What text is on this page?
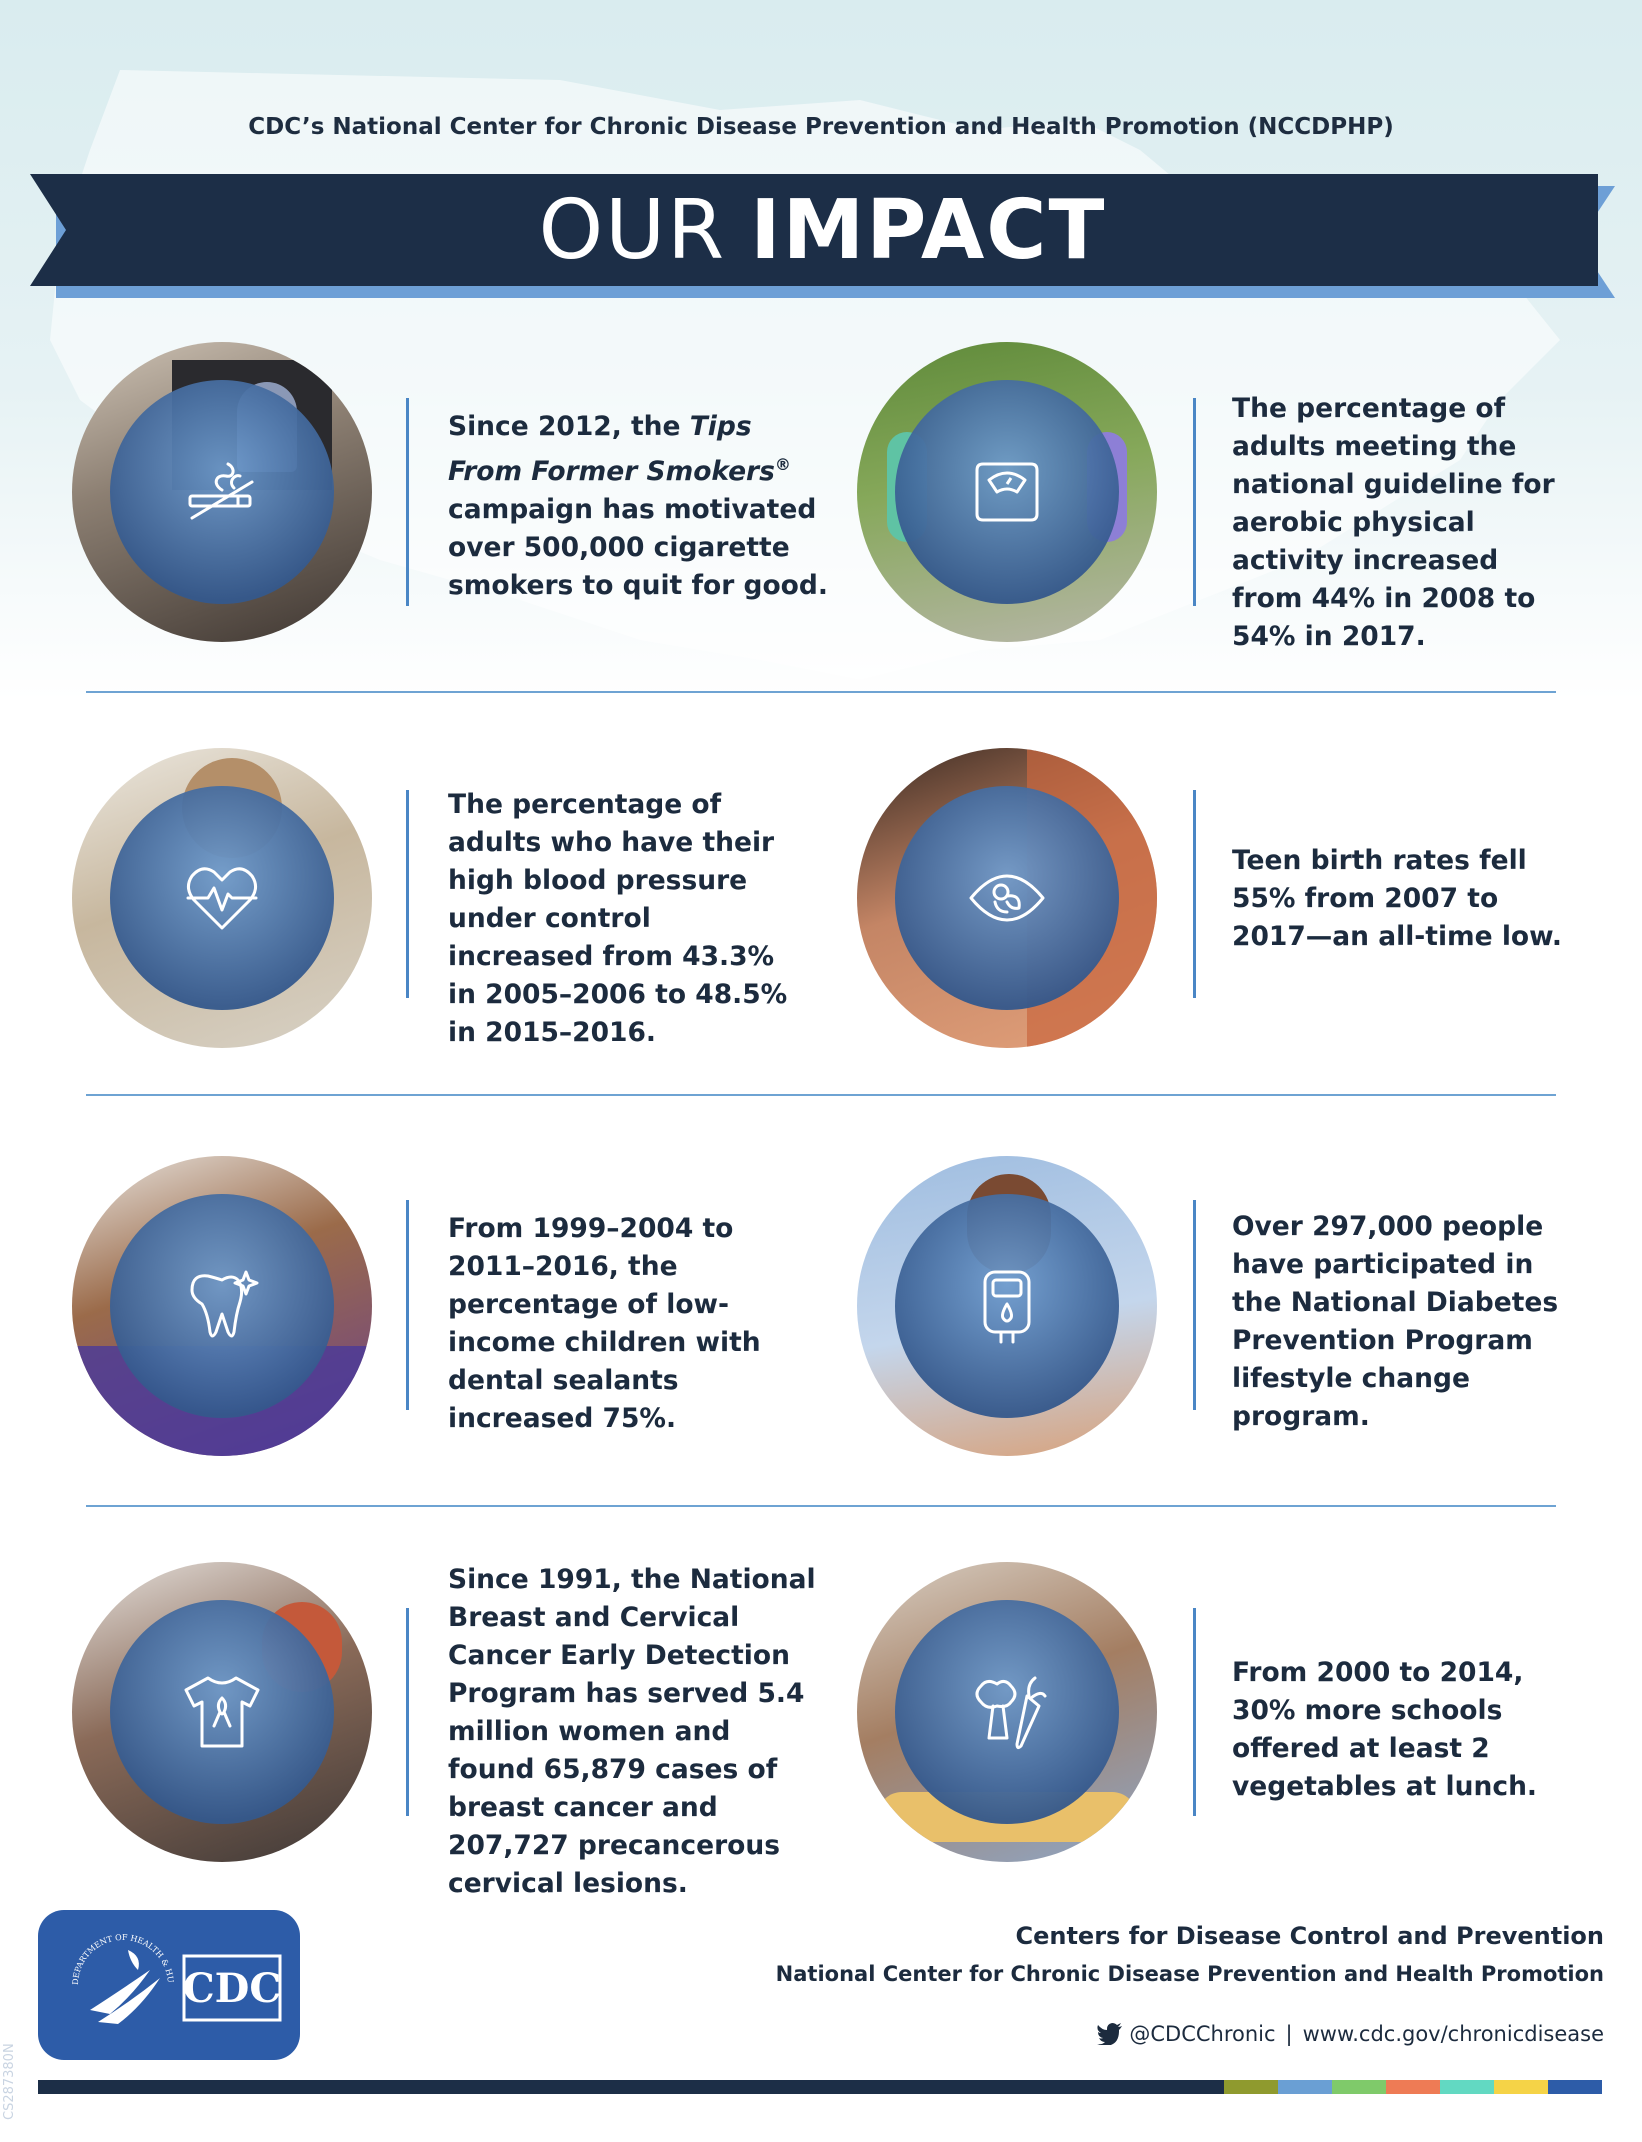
CDC’s National Center for Chronic Disease Prevention and Health Promotion (NCCDPHP)
OUR IMPACT
Since 2012, the Tips From Former Smokers® campaign has motivated over 500,000 cigarette smokers to quit for good.
The percentage of adults meeting the national guideline for aerobic physical activity increased from 44% in 2008 to 54% in 2017.
The percentage of adults who have their high blood pressure under control increased from 43.3% in 2005–2006 to 48.5% in 2015–2016.
Teen birth rates fell 55% from 2007 to 2017—an all-time low.
From 1999–2004 to 2011–2016, the percentage of low-income children with dental sealants increased 75%.
Over 297,000 people have participated in the National Diabetes Prevention Program lifestyle change program.
Since 1991, the National Breast and Cervical Cancer Early Detection Program has served 5.4 million women and found 65,879 cases of breast cancer and 207,727 precancerous cervical lesions.
From 2000 to 2014, 30% more schools offered at least 2 vegetables at lunch.
DEPARTMENT OF HEALTH & HU CDC
Centers for Disease Control and Prevention
National Center for Chronic Disease Prevention and Health Promotion
@CDCChronic | www.cdc.gov/chronicdisease
CS287380N
